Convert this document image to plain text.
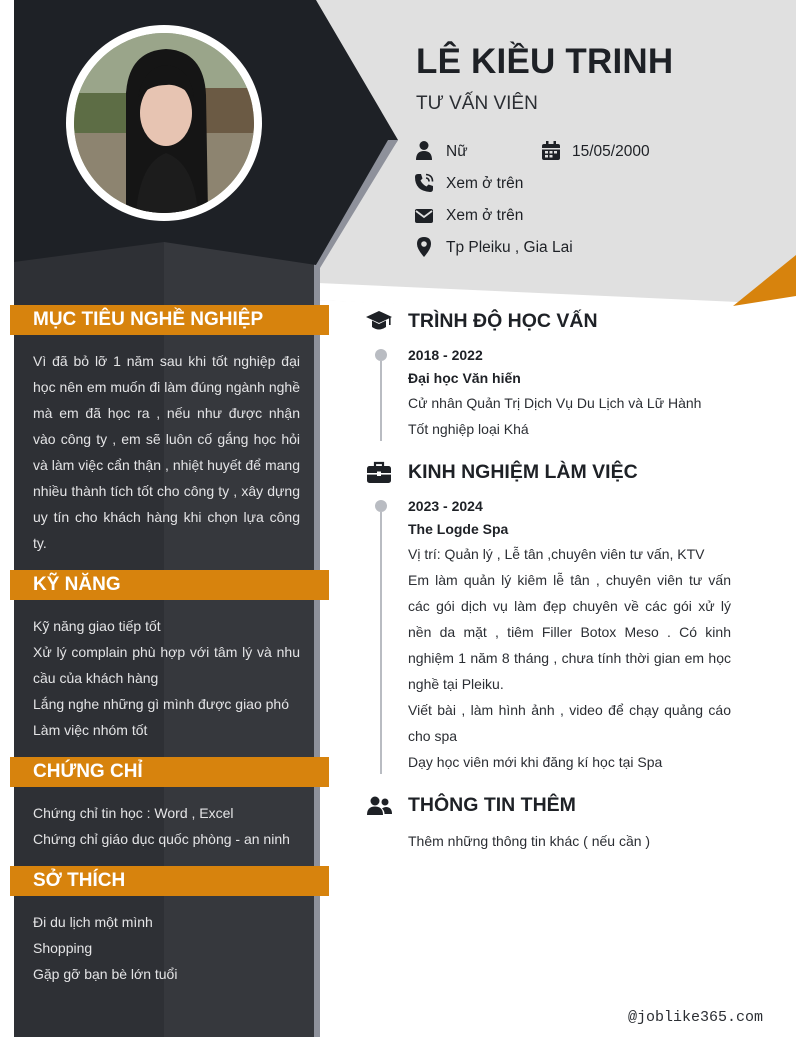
LÊ KIỀU TRINH
TƯ VẤN VIÊN
Nữ	15/05/2000
Xem ở trên
Xem ở trên
Tp Pleiku , Gia Lai
MỤC TIÊU NGHỀ NGHIỆP
Vì đã bỏ lỡ 1 năm sau khi tốt nghiệp đại học nên em muốn đi làm đúng ngành nghề mà em đã học ra , nếu như được nhận vào công ty , em sẽ luôn cố gắng học hỏi và làm việc cẩn thận , nhiệt huyết để mang nhiều thành tích tốt cho công ty , xây dựng uy tín cho khách hàng khi chọn lựa công ty.
KỸ NĂNG
Kỹ năng giao tiếp tốt
Xử lý complain phù hợp với tâm lý và nhu cầu của khách hàng
Lắng nghe những gì mình được giao phó
Làm việc nhóm tốt
CHỨNG CHỈ
Chứng chỉ tin học : Word , Excel
Chứng chỉ giáo dục quốc phòng - an ninh
SỞ THÍCH
Đi du lịch một mình
Shopping
Gặp gỡ bạn bè lớn tuổi
TRÌNH ĐỘ HỌC VẤN
2018 - 2022
Đại học Văn hiến
Cử nhân Quản Trị Dịch Vụ Du Lịch và Lữ Hành
Tốt nghiệp loại Khá
KINH NGHIỆM LÀM VIỆC
2023 - 2024
The Logde Spa
Vị trí: Quản lý , Lễ tân ,chuyên viên tư vấn, KTV
Em làm quản lý kiêm lễ tân , chuyên viên tư vấn các gói dịch vụ làm đẹp chuyên về các gói xử lý nền da mặt , tiêm Filler Botox Meso . Có kinh nghiệm 1 năm 8 tháng , chưa tính thời gian em học nghề tại Pleiku.
Viết bài , làm hình ảnh , video để chạy quảng cáo cho spa
Dạy học viên mới khi đăng kí học tại Spa
THÔNG TIN THÊM
Thêm những thông tin khác ( nếu cần )
@joblike365.com
